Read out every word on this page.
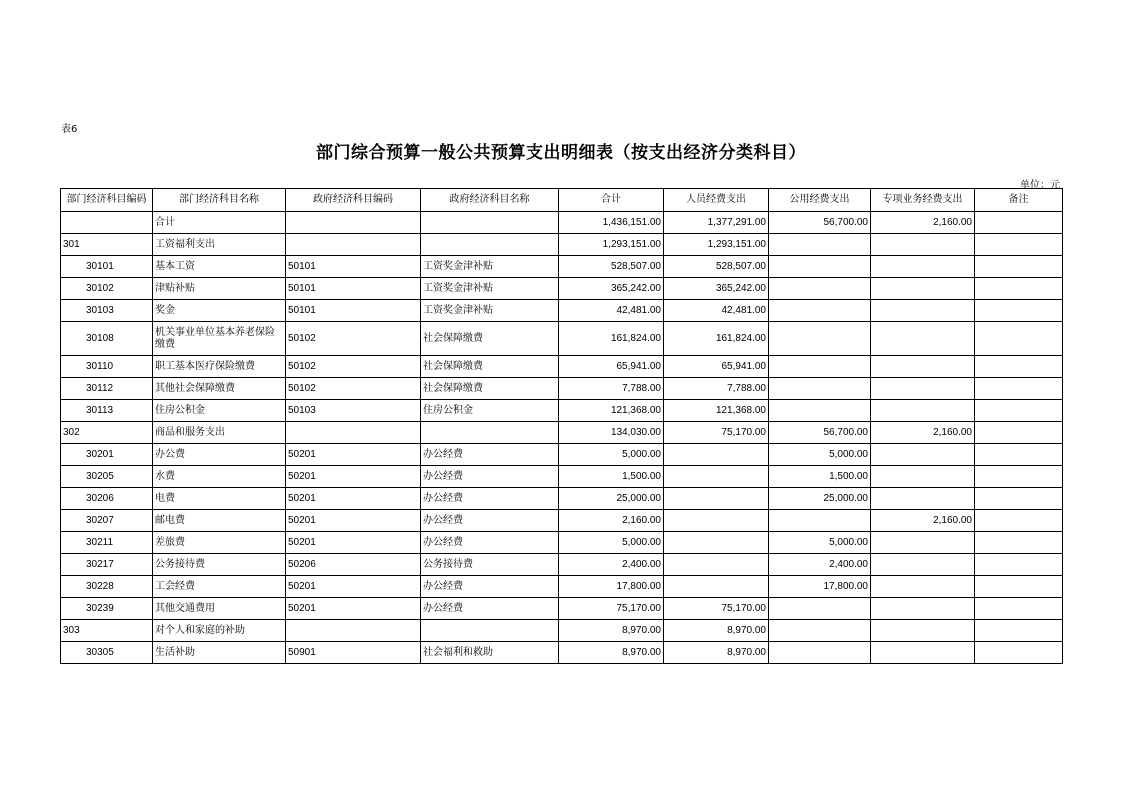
表6
部门综合预算一般公共预算支出明细表（按支出经济分类科目）
单位：元
部门经济科目编码	部门经济科目名称	政府经济科目编码	政府经济科目名称	合计	人员经费支出	公用经费支出	专项业务经费支出	备注
	合计			1,436,151.00	1,377,291.00	56,700.00	2,160.00	
301	工资福利支出			1,293,151.00	1,293,151.00			
30101	基本工资	50101	工资奖金津补贴	528,507.00	528,507.00			
30102	津贴补贴	50101	工资奖金津补贴	365,242.00	365,242.00			
30103	奖金	50101	工资奖金津补贴	42,481.00	42,481.00			
30108	机关事业单位基本养老保险缴费	50102	社会保障缴费	161,824.00	161,824.00			
30110	职工基本医疗保险缴费	50102	社会保障缴费	65,941.00	65,941.00			
30112	其他社会保障缴费	50102	社会保障缴费	7,788.00	7,788.00			
30113	住房公积金	50103	住房公积金	121,368.00	121,368.00			
302	商品和服务支出			134,030.00	75,170.00	56,700.00	2,160.00	
30201	办公费	50201	办公经费	5,000.00		5,000.00		
30205	水费	50201	办公经费	1,500.00		1,500.00		
30206	电费	50201	办公经费	25,000.00		25,000.00		
30207	邮电费	50201	办公经费	2,160.00			2,160.00	
30211	差旅费	50201	办公经费	5,000.00		5,000.00		
30217	公务接待费	50206	公务接待费	2,400.00		2,400.00		
30228	工会经费	50201	办公经费	17,800.00		17,800.00		
30239	其他交通费用	50201	办公经费	75,170.00	75,170.00			
303	对个人和家庭的补助			8,970.00	8,970.00			
30305	生活补助	50901	社会福利和救助	8,970.00	8,970.00			
